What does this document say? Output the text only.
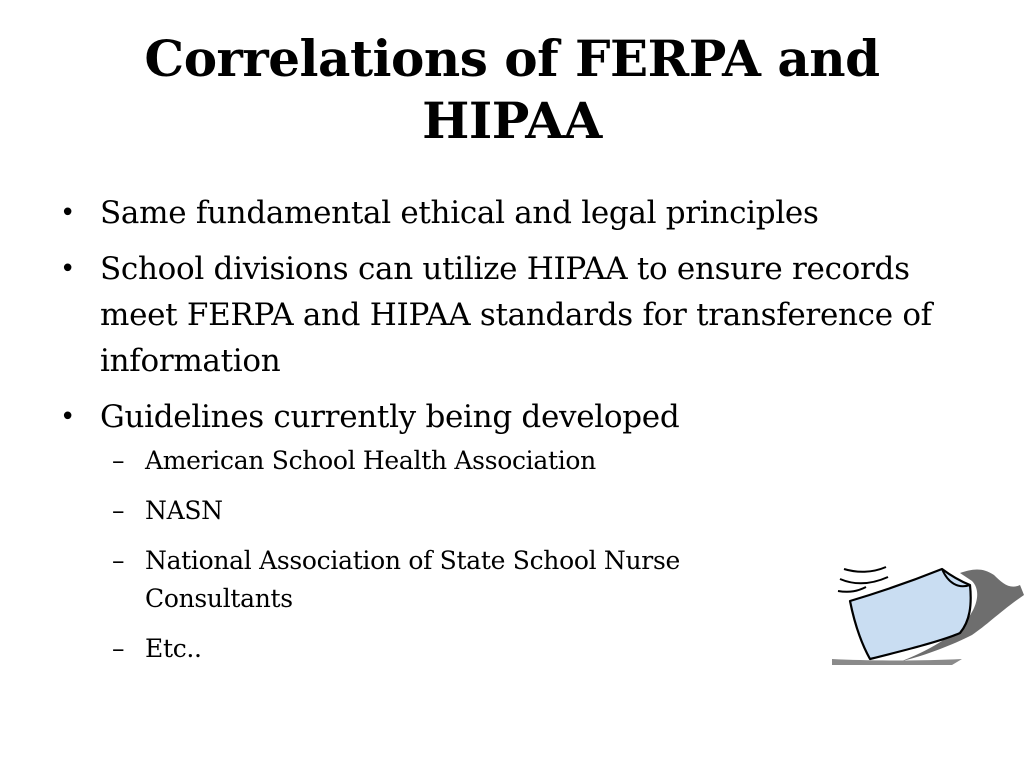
Correlations of FERPA and
HIPAA
• Same fundamental ethical and legal principles
• School divisions can utilize HIPAA to ensure records meet FERPA and HIPAA standards for transference of information
• Guidelines currently being developed
– American School Health Association
– NASN
– National Association of State School Nurse Consultants
– Etc..
